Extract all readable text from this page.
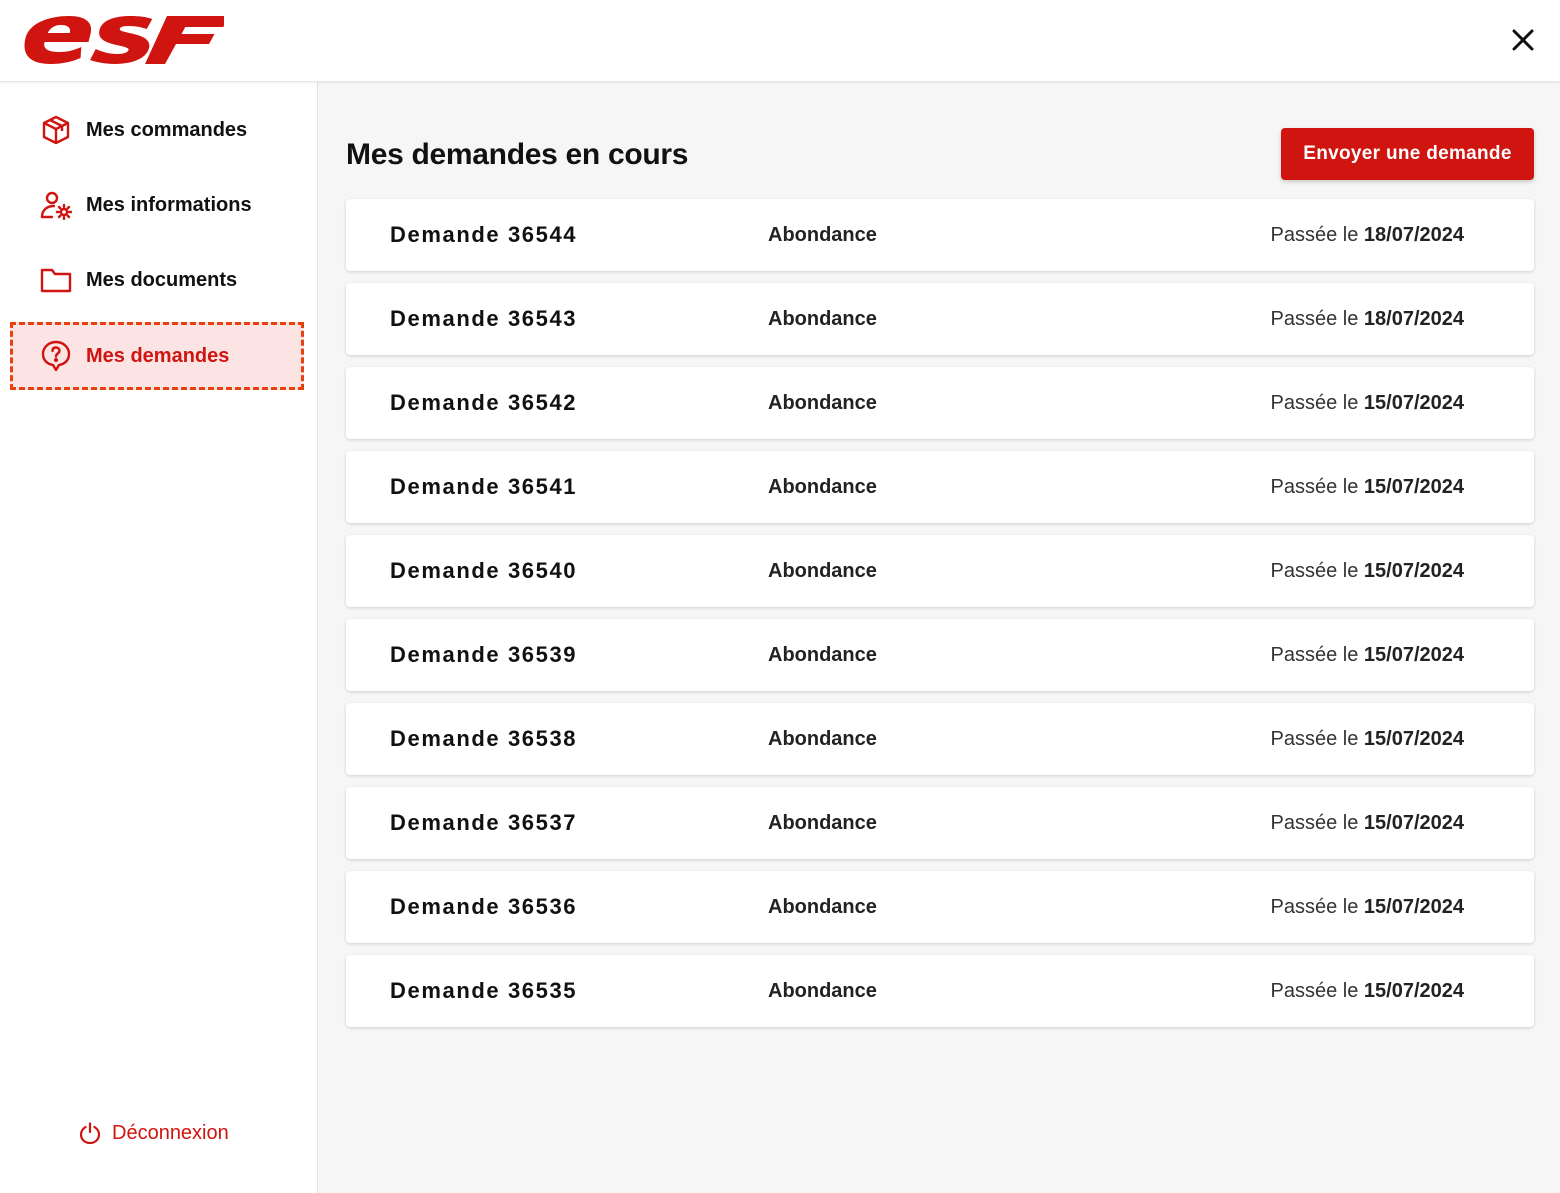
Mes commandes
Mes informations
Mes documents
Mes demandes
Déconnexion
Mes demandes en cours	Envoyer une demande
Demande 36544	Abondance	Passée le 18/07/2024
Demande 36543	Abondance	Passée le 18/07/2024
Demande 36542	Abondance	Passée le 15/07/2024
Demande 36541	Abondance	Passée le 15/07/2024
Demande 36540	Abondance	Passée le 15/07/2024
Demande 36539	Abondance	Passée le 15/07/2024
Demande 36538	Abondance	Passée le 15/07/2024
Demande 36537	Abondance	Passée le 15/07/2024
Demande 36536	Abondance	Passée le 15/07/2024
Demande 36535	Abondance	Passée le 15/07/2024
